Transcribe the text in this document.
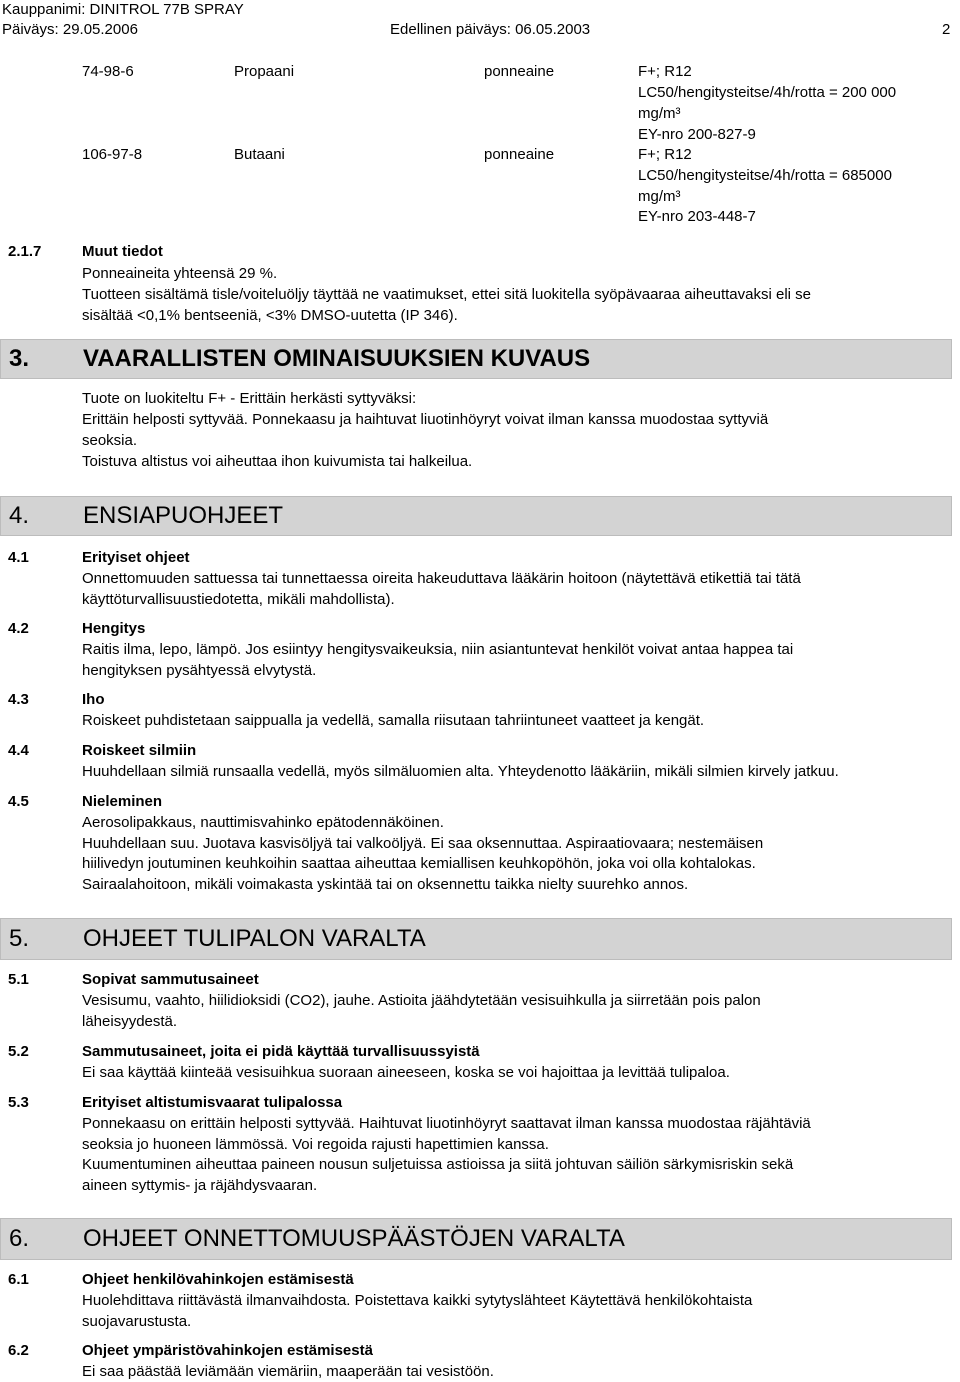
Kauppanimi: DINITROL 77B SPRAY
Päiväys: 29.05.2006	Edellinen päiväys: 06.05.2003	2
74-98-6	Propaani	ponneaine	F+; R12
LC50/hengitysteitse/4h/rotta = 200 000
mg/m³
EY-nro 200-827-9
106-97-8	Butaani	ponneaine	F+; R12
LC50/hengitysteitse/4h/rotta = 685000
mg/m³
EY-nro 203-448-7
2.1.7	Muut tiedot
Ponneaineita yhteensä 29 %.
Tuotteen sisältämä tisle/voiteluöljy täyttää ne vaatimukset, ettei sitä luokitella syöpävaaraa aiheuttavaksi eli se
sisältää <0,1% bentseeniä, <3% DMSO-uutetta (IP 346).
3. VAARALLISTEN OMINAISUUKSIEN KUVAUS
Tuote on luokiteltu F+ - Erittäin herkästi syttyväksi:
Erittäin helposti syttyvää. Ponnekaasu ja haihtuvat liuotinhöyryt voivat ilman kanssa muodostaa syttyviä
seoksia.
Toistuva altistus voi aiheuttaa ihon kuivumista tai halkeilua.
4. ENSIAPUOHJEET
4.1	Erityiset ohjeet
Onnettomuuden sattuessa tai tunnettaessa oireita hakeuduttava lääkärin hoitoon (näytettävä etikettiä tai tätä
käyttöturvallisuustiedotetta, mikäli mahdollista).
4.2	Hengitys
Raitis ilma, lepo, lämpö. Jos esiintyy hengitysvaikeuksia, niin asiantuntevat henkilöt voivat antaa happea tai
hengityksen pysähtyessä elvytystä.
4.3	Iho
Roiskeet puhdistetaan saippualla ja vedellä, samalla riisutaan tahriintuneet vaatteet ja kengät.
4.4	Roiskeet silmiin
Huuhdellaan silmiä runsaalla vedellä, myös silmäluomien alta. Yhteydenotto lääkäriin, mikäli silmien kirvely jatkuu.
4.5	Nieleminen
Aerosolipakkaus, nauttimisvahinko epätodennäköinen.
Huuhdellaan suu. Juotava kasvisöljyä tai valkoöljyä. Ei saa oksennuttaa. Aspiraatiovaara; nestemäisen
hiilivedyn joutuminen keuhkoihin saattaa aiheuttaa kemiallisen keuhkopöhön, joka voi olla kohtalokas.
Sairaalahoitoon, mikäli voimakasta yskintää tai on oksennettu taikka nielty suurehko annos.
5. OHJEET TULIPALON VARALTA
5.1	Sopivat sammutusaineet
Vesisumu, vaahto, hiilidioksidi (CO2), jauhe. Astioita jäähdytetään vesisuihkulla ja siirretään pois palon
läheisyydestä.
5.2	Sammutusaineet, joita ei pidä käyttää turvallisuussyistä
Ei saa käyttää kiinteää vesisuihkua suoraan aineeseen, koska se voi hajoittaa ja levittää tulipaloa.
5.3	Erityiset altistumisvaarat tulipalossa
Ponnekaasu on erittäin helposti syttyvää. Haihtuvat liuotinhöyryt saattavat ilman kanssa muodostaa räjähtäviä
seoksia jo huoneen lämmössä. Voi regoida rajusti hapettimien kanssa.
Kuumentuminen aiheuttaa paineen nousun suljetuissa astioissa ja siitä johtuvan säiliön särkymisriskin sekä
aineen syttymis- ja räjähdysvaaran.
6. OHJEET ONNETTOMUUSPÄÄSTÖJEN VARALTA
6.1	Ohjeet henkilövahinkojen estämisestä
Huolehdittava riittävästä ilmanvaihdosta. Poistettava kaikki sytytyslähteet Käytettävä henkilökohtaista
suojavarustusta.
6.2	Ohjeet ympäristövahinkojen estämisestä
Ei saa päästää leviämään viemäriin, maaperään tai vesistöön.
